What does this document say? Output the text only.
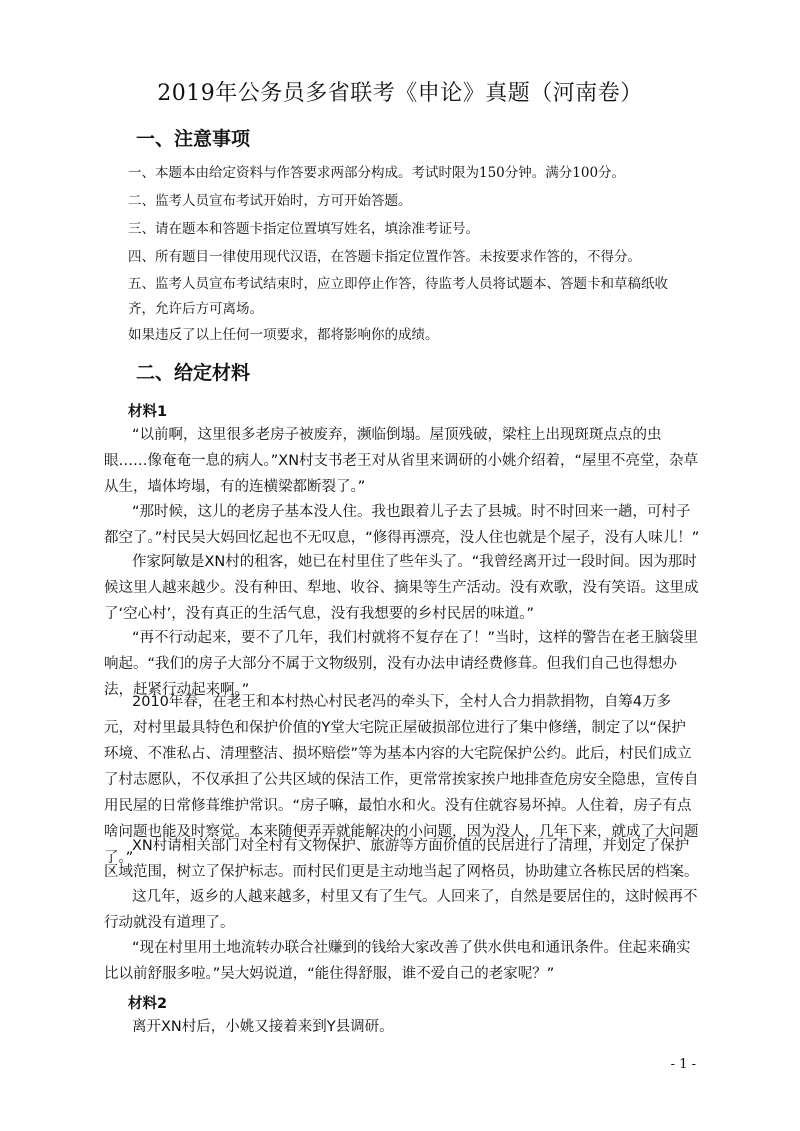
2019年公务员多省联考《申论》真题（河南卷）
一、注意事项

一、本题本由给定资料与作答要求两部分构成。考试时限为150分钟。满分100分。

二、监考人员宣布考试开始时，方可开始答题。

三、请在题本和答题卡指定位置填写姓名，填涂准考证号。

四、所有题目一律使用现代汉语，在答题卡指定位置作答。未按要求作答的，不得分。

五、监考人员宣布考试结束时，应立即停止作答，待监考人员将试题本、答题卡和草稿纸收齐，允许后方可离场。

如果违反了以上任何一项要求，都将影响你的成绩。

二、给定材料
材料1

“以前啊，这里很多老房子被废弃，濒临倒塌。屋顶残破，梁柱上出现斑斑点点的虫眼……像奄奄一息的病人。”XN村支书老王对从省里来调研的小姚介绍着，“屋里不亮堂，杂草从生，墙体垮塌，有的连横梁都断裂了。”

“那时候，这儿的老房子基本没人住。我也跟着儿子去了县城。时不时回来一趟，可村子都空了。”村民吴大妈回忆起也不无叹息，“修得再漂亮，没人住也就是个屋子，没有人味儿！”

作家阿敏是XN村的租客，她已在村里住了些年头了。“我曾经离开过一段时间。因为那时候这里人越来越少。没有种田、犁地、收谷、摘果等生产活动。没有欢歌，没有笑语。这里成了‘空心村’，没有真正的生活气息，没有我想要的乡村民居的味道。”

“再不行动起来，要不了几年，我们村就将不复存在了！”当时，这样的警告在老王脑袋里响起。“我们的房子大部分不属于文物级别，没有办法申请经费修葺。但我们自己也得想办法，赶紧行动起来啊。”

2010年春，在老王和本村热心村民老冯的牵头下，全村人合力捐款捐物，自筹4万多元，对村里最具特色和保护价值的Y堂大宅院正屋破损部位进行了集中修缮，制定了以“保护环境、不准私占、清理整洁、损坏赔偿”等为基本内容的大宅院保护公约。此后，村民们成立了村志愿队，不仅承担了公共区域的保洁工作，更常常挨家挨户地排查危房安全隐患，宣传自用民屋的日常修葺维护常识。“房子嘛，最怕水和火。没有住就容易坏掉。人住着，房子有点啥问题也能及时察觉。本来随便弄弄就能解决的小问题，因为没人，几年下来，就成了大问题了。”

XN村请相关部门对全村有文物保护、旅游等方面价值的民居进行了清理，并划定了保护区域范围，树立了保护标志。而村民们更是主动地当起了网格员，协助建立各栋民居的档案。

这几年，返乡的人越来越多，村里又有了生气。人回来了，自然是要居住的，这时候再不行动就没有道理了。

“现在村里用土地流转办联合社赚到的钱给大家改善了供水供电和通讯条件。住起来确实比以前舒服多啦。”吴大妈说道，“能住得舒服，谁不爱自己的老家呢？”

材料2

离开XN村后，小姚又接着来到Y县调研。

- 1 -
